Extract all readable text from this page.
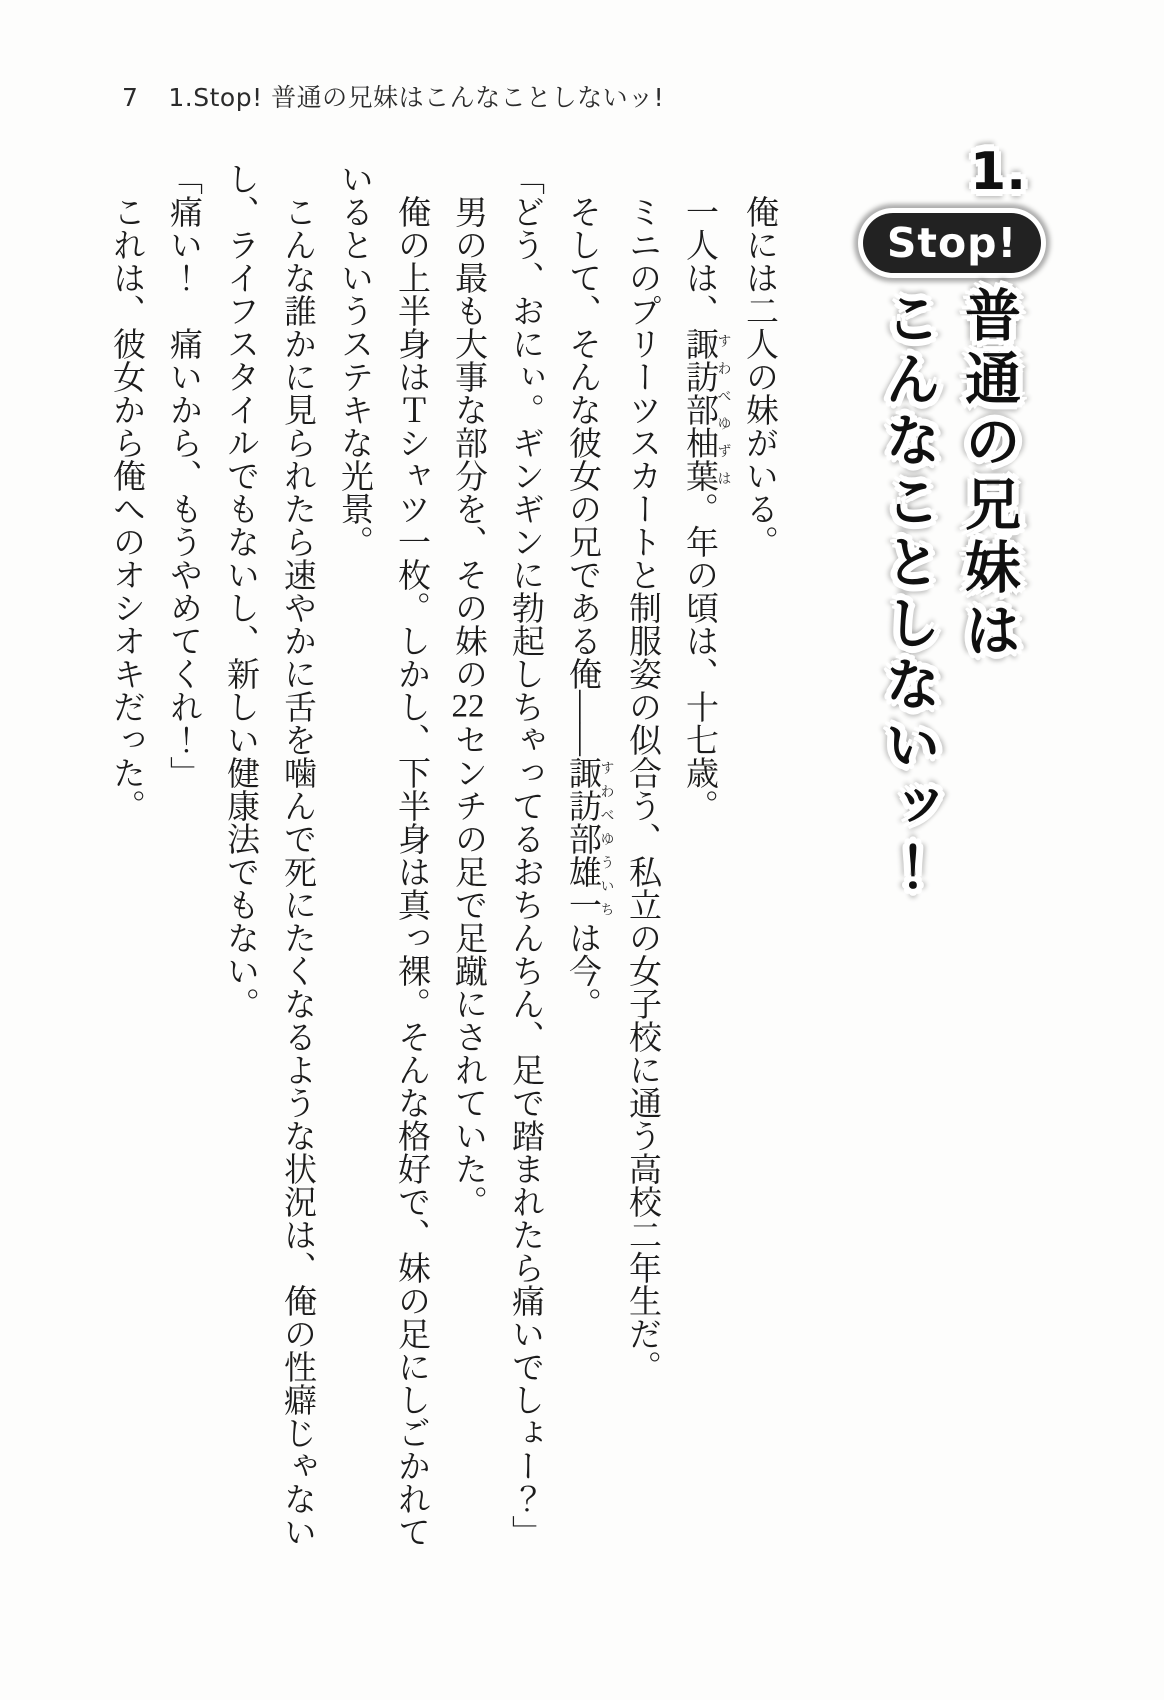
7 1.Stop! 普通の兄妹はこんなことしないッ!
1.
Stop!
普通の兄妹は
こんなことしないッ！

俺には二人の妹がいる。

一人は、諏訪部柚葉すわべゆずは。年の頃は、十七歳。

ミニのプリーツスカートと制服姿の似合う、私立の女子校に通う高校二年生だ。

そして、そんな彼女の兄である俺――諏訪部雄一すわべゆういちは今。

「どう、おにぃ。ギンギンに勃起しちゃってるおちんちん、足で踏まれたら痛いでしょー？」

男の最も大事な部分を、その妹の22センチの足で足蹴にされていた。

俺の上半身はＴシャツ一枚。しかし、下半身は真っ裸。そんな格好で、妹の足にしごかれているというステキな光景。

こんな誰かに見られたら速やかに舌を噛んで死にたくなるような状況は、俺の性癖じゃないし、ライフスタイルでもないし、新しい健康法でもない。

「痛い！　痛いから、もうやめてくれ！」

これは、彼女から俺へのオシオキだった。
